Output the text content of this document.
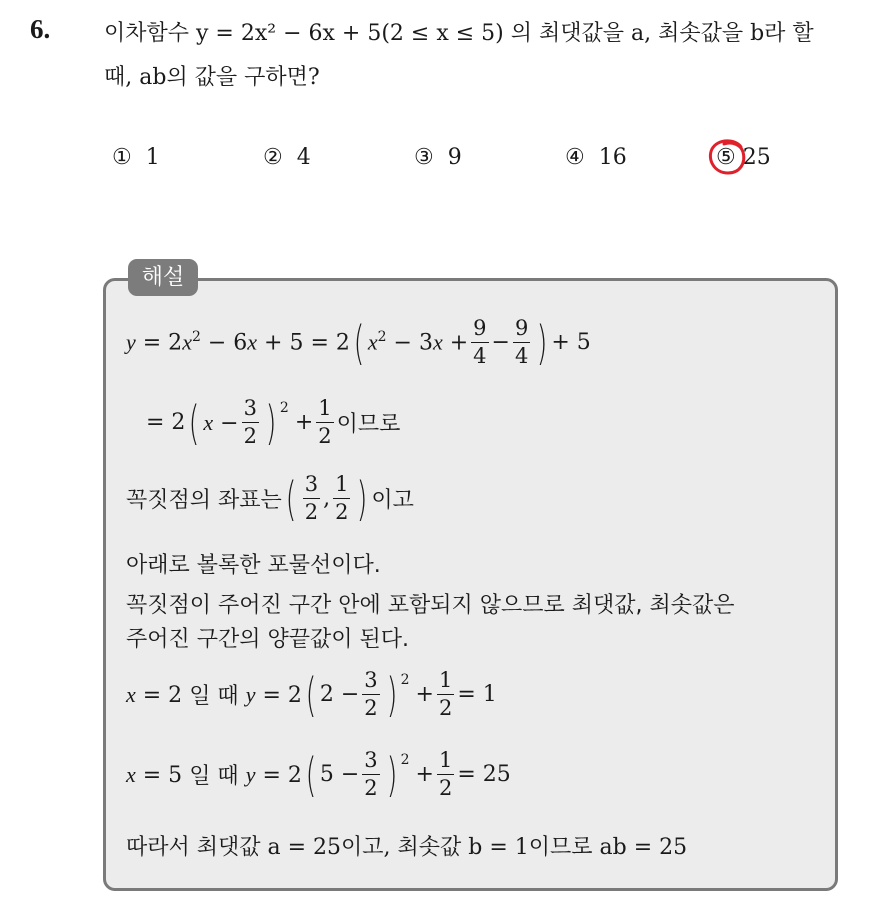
6. 이차함수 y = 2x² − 6x + 5(2 ≤ x ≤ 5) 의 최댓값을 a, 최솟값을 b라 할
때, ab의 값을 구하면?
① 1	② 4	③ 9	④ 16	⑤ 25
해설
$y = 2x^2 - 6x + 5 = 2$ ( $x^2 - 3x + \frac{9}{4} - \frac{9}{4}$ ) + 5
= 2 ( $x - \frac{3}{2}$ ) $^2$
+ $\frac{1}{2}$ 이므로
꼭짓점의 좌표는 ( $\frac{3}{2}$ , $\frac{1}{2}$ ) 이고
아래로 볼록한 포물선이다.
꼭짓점이 주어진 구간 안에 포함되지 않으므로 최댓값, 최솟값은
주어진 구간의 양끝값이 된다.
x = 2
일 때 y = 2 ( $2 - \frac{3}{2}$ ) $^2$
+ $\frac{1}{2} = 1$
x = 5
일 때 y = 2 ( $5 - \frac{3}{2}$ ) $^2$
+ $\frac{1}{2} = 25$
따라서 최댓값 a = 25이고, 최솟값 b = 1이므로 ab = 25
